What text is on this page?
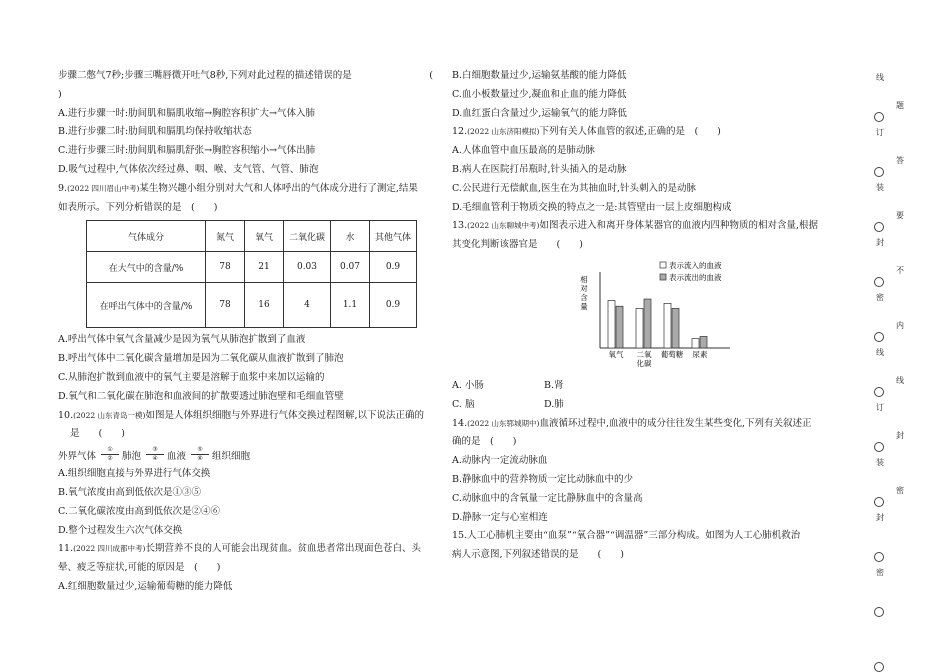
步骤二憋气7秒;步骤三嘴唇微开吐气8秒,下列对此过程的描述错误的是	(
)
A.进行步骤一时:肋间肌和膈肌收缩→胸腔容积扩大→气体入肺
B.进行步骤二时:肋间肌和膈肌均保持收缩状态
C.进行步骤三时:肋间肌和膈肌舒张→胸腔容积缩小→气体出肺
D.吸气过程中,气体依次经过鼻、咽、喉、支气管、气管、肺泡
9.(2022 四川眉山中考)某生物兴趣小组分别对大气和人体呼出的气体成分进行了测定,结果
如表所示。下列分析错误的是　(　　)
气体成分	氮气	氧气	二氧化碳	水	其他气体
在大气中的含量/%	78	21	0.03	0.07	0.9
在呼出气体中的含量/%	78	16	4	1.1	0.9
A.呼出气体中氧气含量减少是因为氧气从肺泡扩散到了血液
B.呼出气体中二氧化碳含量增加是因为二氧化碳从血液扩散到了肺泡
C.从肺泡扩散到血液中的氧气主要是溶解于血浆中来加以运输的
D.氧气和二氧化碳在肺泡和血液间的扩散要透过肺泡壁和毛细血管壁
10.(2022 山东青岛一模)如图是人体组织细胞与外界进行气体交换过程图解,以下说法正确的
是　　(　　)
外界气体
①
② 肺泡
③
④ 血液
⑤
⑥ 组织细胞
A.组织细胞直接与外界进行气体交换
B.氧气浓度由高到低依次是①③⑤
C.二氧化碳浓度由高到低依次是②④⑥
D.整个过程发生六次气体交换
11.(2022 四川成都中考)长期营养不良的人可能会出现贫血。贫血患者常出现面色苍白、头
晕、疲乏等症状,可能的原因是　(　　)
A.红细胞数量过少,运输葡萄糖的能力降低
B.白细胞数量过少,运输氨基酸的能力降低
C.血小板数量过少,凝血和止血的能力降低
D.血红蛋白含量过少,运输氧气的能力降低
12.(2022 山东济阳模拟)下列有关人体血管的叙述,正确的是　(　　)
A.人体血管中血压最高的是肺动脉
B.病人在医院打吊瓶时,针头插入的是动脉
C.公民进行无偿献血,医生在为其抽血时,针头刺入的是动脉
D.毛细血管利于物质交换的特点之一是:其管壁由一层上皮细胞构成
13.(2022 山东聊城中考)如图表示进入和离开身体某器官的血液内四种物质的相对含量,根据
其变化判断该器官是　　(　　)
相
对
含
量
氧气 二氧
化碳
葡萄糖 尿素
表示流入的血液
表示流出的血液
A. 小肠	B.肾
C. 脑	D.肺
14.(2022 山东郓城期中)血液循环过程中,血液中的成分往往发生某些变化,下列有关叙述正
确的是　(　　)
A.动脉内一定流动脉血
B.静脉血中的营养物质一定比动脉血中的少
C.动脉血中的含氧量一定比静脉血中的含量高
D.静脉一定与心室相连
15.人工心肺机主要由“血泵”“氧合器”“调温器”三部分构成。如图为人工心肺机救治
病人示意图,下列叙述错误的是　　(　　)
线
题
订
答
装
要
封
不
密
内
线
线
订
封
装
密
封
密
